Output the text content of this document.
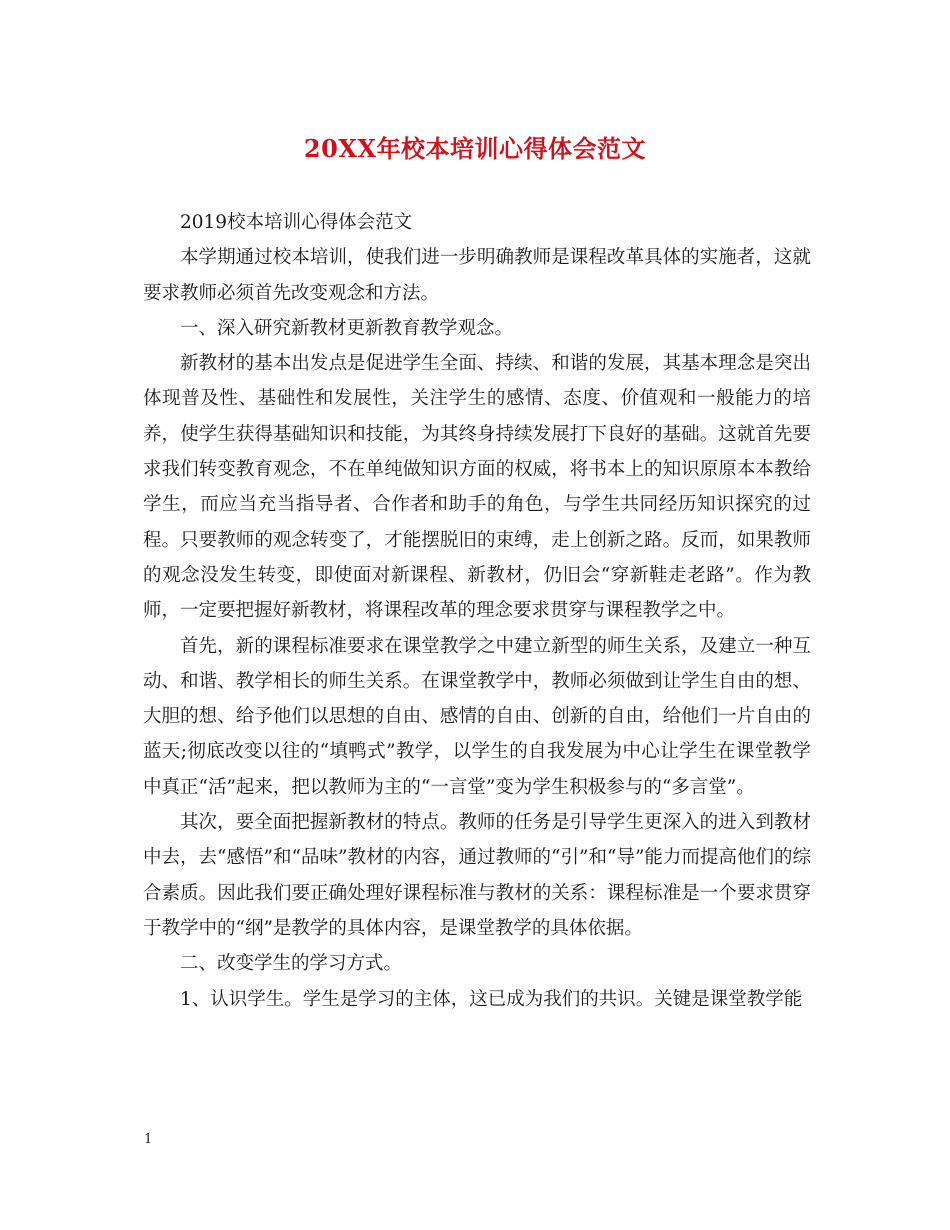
20XX年校本培训心得体会范文

2019校本培训心得体会范文

本学期通过校本培训，使我们进一步明确教师是课程改革具体的实施者，这就要求教师必须首先改变观念和方法。

一、深入研究新教材更新教育教学观念。

新教材的基本出发点是促进学生全面、持续、和谐的发展，其基本理念是突出体现普及性、基础性和发展性，关注学生的感情、态度、价值观和一般能力的培养，使学生获得基础知识和技能，为其终身持续发展打下良好的基础。这就首先要求我们转变教育观念，不在单纯做知识方面的权威，将书本上的知识原原本本教给学生，而应当充当指导者、合作者和助手的角色，与学生共同经历知识探究的过程。只要教师的观念转变了，才能摆脱旧的束缚，走上创新之路。反而，如果教师的观念没发生转变，即使面对新课程、新教材，仍旧会“穿新鞋走老路”。作为教师，一定要把握好新教材，将课程改革的理念要求贯穿与课程教学之中。

首先，新的课程标准要求在课堂教学之中建立新型的师生关系，及建立一种互动、和谐、教学相长的师生关系。在课堂教学中，教师必须做到让学生自由的想、大胆的想、给予他们以思想的自由、感情的自由、创新的自由，给他们一片自由的蓝天;彻底改变以往的“填鸭式”教学，以学生的自我发展为中心让学生在课堂教学中真正“活”起来，把以教师为主的“一言堂”变为学生积极参与的“多言堂”。

其次，要全面把握新教材的特点。教师的任务是引导学生更深入的进入到教材中去，去“感悟”和“品味”教材的内容，通过教师的“引”和“导”能力而提高他们的综合素质。因此我们要正确处理好课程标准与教材的关系：课程标准是一个要求贯穿于教学中的“纲”是教学的具体内容，是课堂教学的具体依据。

二、改变学生的学习方式。

1、认识学生。学生是学习的主体，这已成为我们的共识。关键是课堂教学能

1
